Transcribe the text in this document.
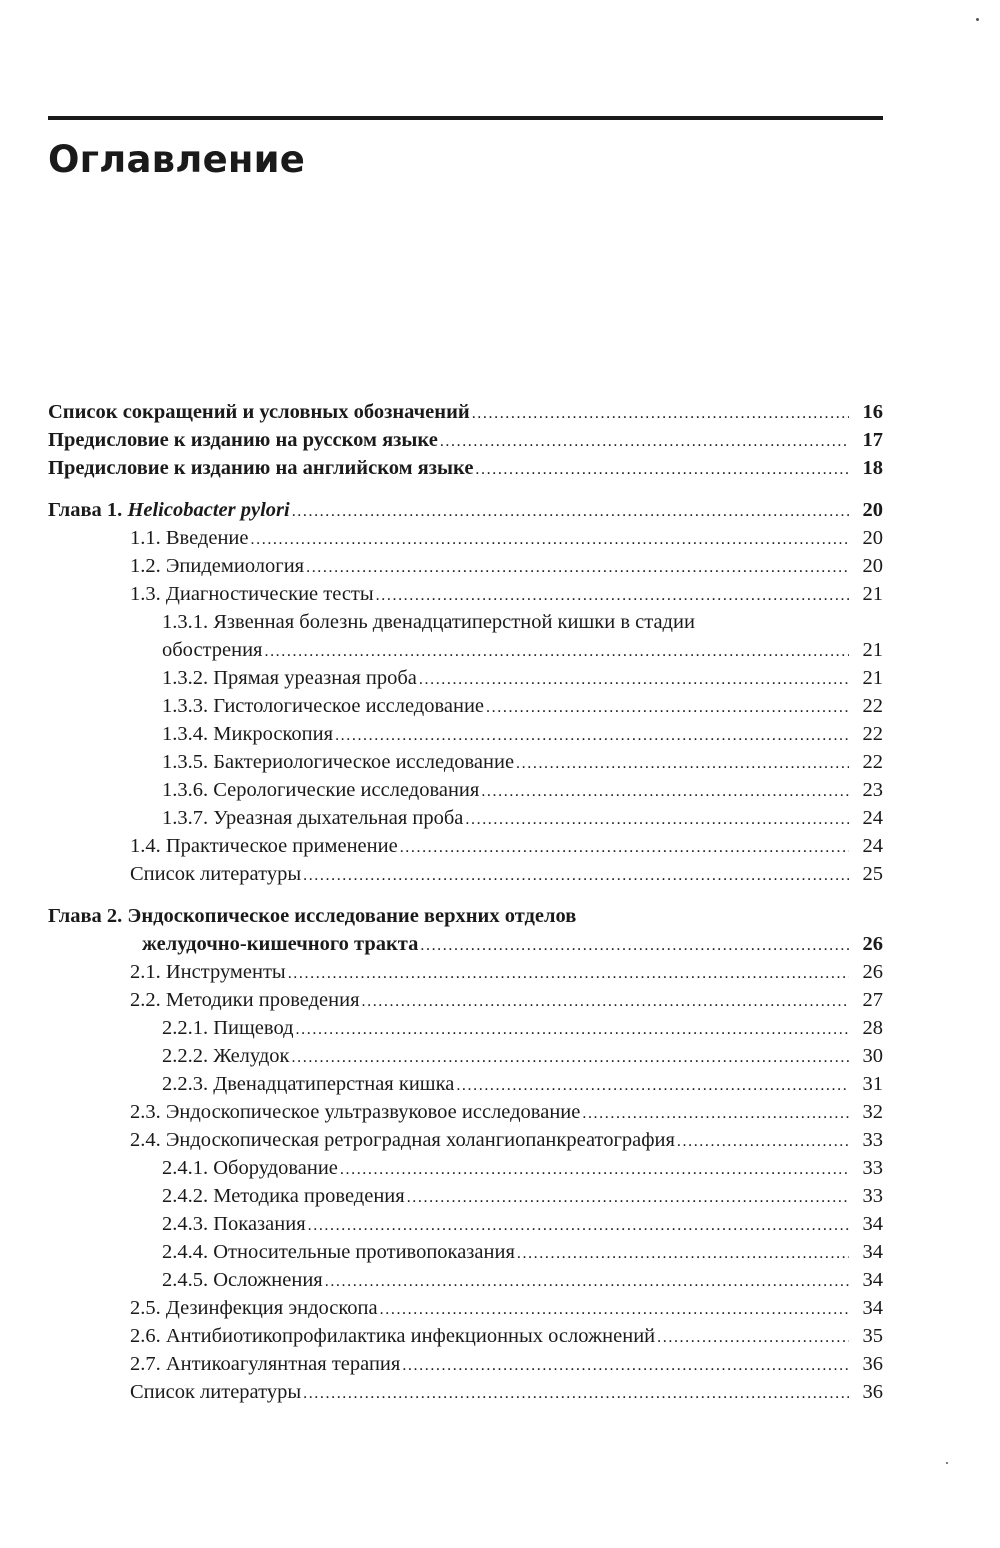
Оглавление
Список сокращений и условных обозначений .....	16
Предисловие к изданию на русском языке .....	17
Предисловие к изданию на английском языке .....	18
Глава 1. Helicobacter pylori .....	20
1.1. Введение .....	20
1.2. Эпидемиология .....	20
1.3. Диагностические тесты .....	21
1.3.1. Язвенная болезнь двенадцатиперстной кишки в стадии
обострения .....	21
1.3.2. Прямая уреазная проба .....	21
1.3.3. Гистологическое исследование .....	22
1.3.4. Микроскопия .....	22
1.3.5. Бактериологическое исследование .....	22
1.3.6. Серологические исследования .....	23
1.3.7. Уреазная дыхательная проба .....	24
1.4. Практическое применение .....	24
Список литературы .....	25
Глава 2. Эндоскопическое исследование верхних отделов
желудочно-кишечного тракта .....	26
2.1. Инструменты .....	26
2.2. Методики проведения .....	27
2.2.1. Пищевод .....	28
2.2.2. Желудок .....	30
2.2.3. Двенадцатиперстная кишка .....	31
2.3. Эндоскопическое ультразвуковое исследование .....	32
2.4. Эндоскопическая ретроградная холангиопанкреатография .....	33
2.4.1. Оборудование .....	33
2.4.2. Методика проведения .....	33
2.4.3. Показания .....	34
2.4.4. Относительные противопоказания .....	34
2.4.5. Осложнения .....	34
2.5. Дезинфекция эндоскопа .....	34
2.6. Антибиотикопрофилактика инфекционных осложнений .....	35
2.7. Антикоагулянтная терапия .....	36
Список литературы .....	36
